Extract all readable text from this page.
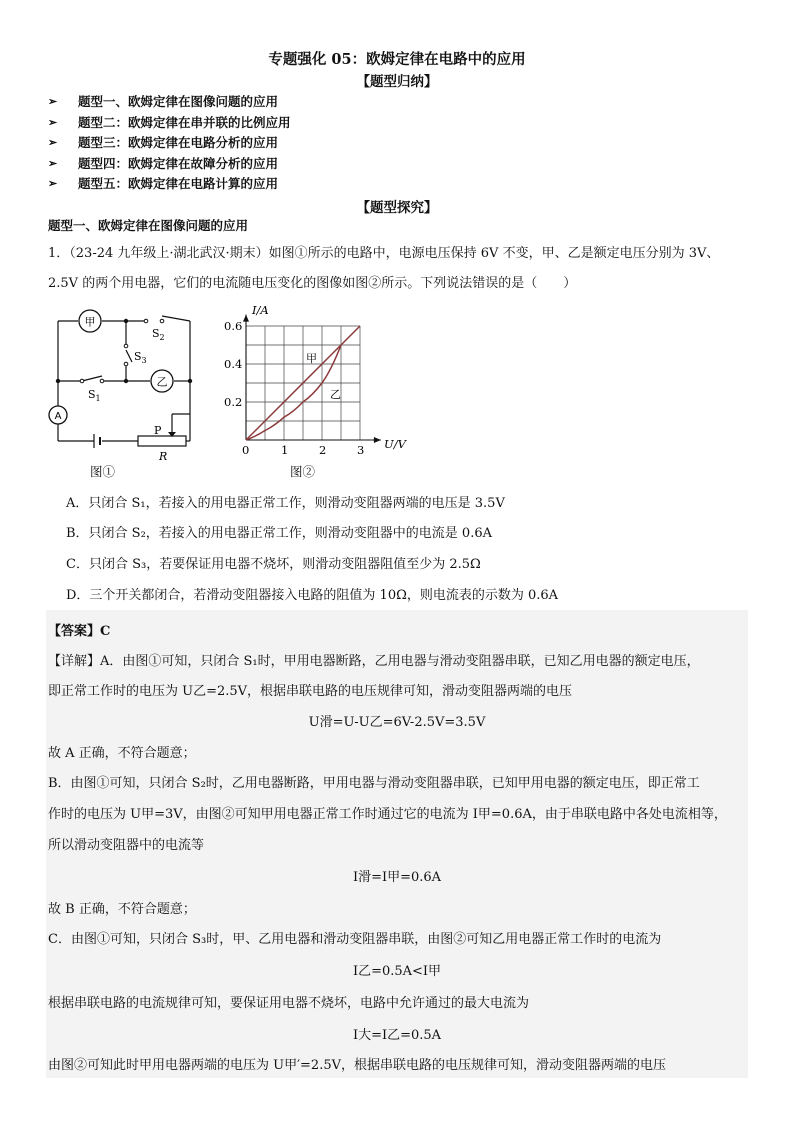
专题强化 05：欧姆定律在电路中的应用
【题型归纳】
➢	题型一、欧姆定律在图像问题的应用
➢	题型二：欧姆定律在串并联的比例应用
➢	题型三：欧姆定律在电路分析的应用
➢	题型四：欧姆定律在故障分析的应用
➢	题型五：欧姆定律在电路计算的应用
【题型探究】
题型一、欧姆定律在图像问题的应用
1．（23-24 九年级上·湖北武汉·期末）如图①所示的电路中，电源电压保持 6V 不变，甲、乙是额定电压分别为 3V、
2.5V 的两个用电器，它们的电流随电压变化的图像如图②所示。下列说法错误的是（　　）
甲
乙
A
$S_2$
$S_3$
$S_1$
P
R
图①
0	1	2	3
0.2
0.4
0.6
I/A
U/V
甲
乙
图②
A．只闭合 S₁，若接入的用电器正常工作，则滑动变阻器两端的电压是 3.5V
B．只闭合 S₂，若接入的用电器正常工作，则滑动变阻器中的电流是 0.6A
C．只闭合 S₃，若要保证用电器不烧坏，则滑动变阻器阻值至少为 2.5Ω
D．三个开关都闭合，若滑动变阻器接入电路的阻值为 10Ω，则电流表的示数为 0.6A
【答案】C
【详解】A．由图①可知，只闭合 S₁时，甲用电器断路，乙用电器与滑动变阻器串联，已知乙用电器的额定电压，
即正常工作时的电压为 U乙=2.5V，根据串联电路的电压规律可知，滑动变阻器两端的电压
U滑=U-U乙=6V-2.5V=3.5V
故 A 正确，不符合题意；
B．由图①可知，只闭合 S₂时，乙用电器断路，甲用电器与滑动变阻器串联，已知甲用电器的额定电压，即正常工
作时的电压为 U甲=3V，由图②可知甲用电器正常工作时通过它的电流为 I甲=0.6A，由于串联电路中各处电流相等，
所以滑动变阻器中的电流等
I滑=I甲=0.6A
故 B 正确，不符合题意；
C．由图①可知，只闭合 S₃时，甲、乙用电器和滑动变阻器串联，由图②可知乙用电器正常工作时的电流为
I乙=0.5A<I甲
根据串联电路的电流规律可知，要保证用电器不烧坏，电路中允许通过的最大电流为
I大=I乙=0.5A
由图②可知此时甲用电器两端的电压为 U甲′=2.5V，根据串联电路的电压规律可知，滑动变阻器两端的电压
